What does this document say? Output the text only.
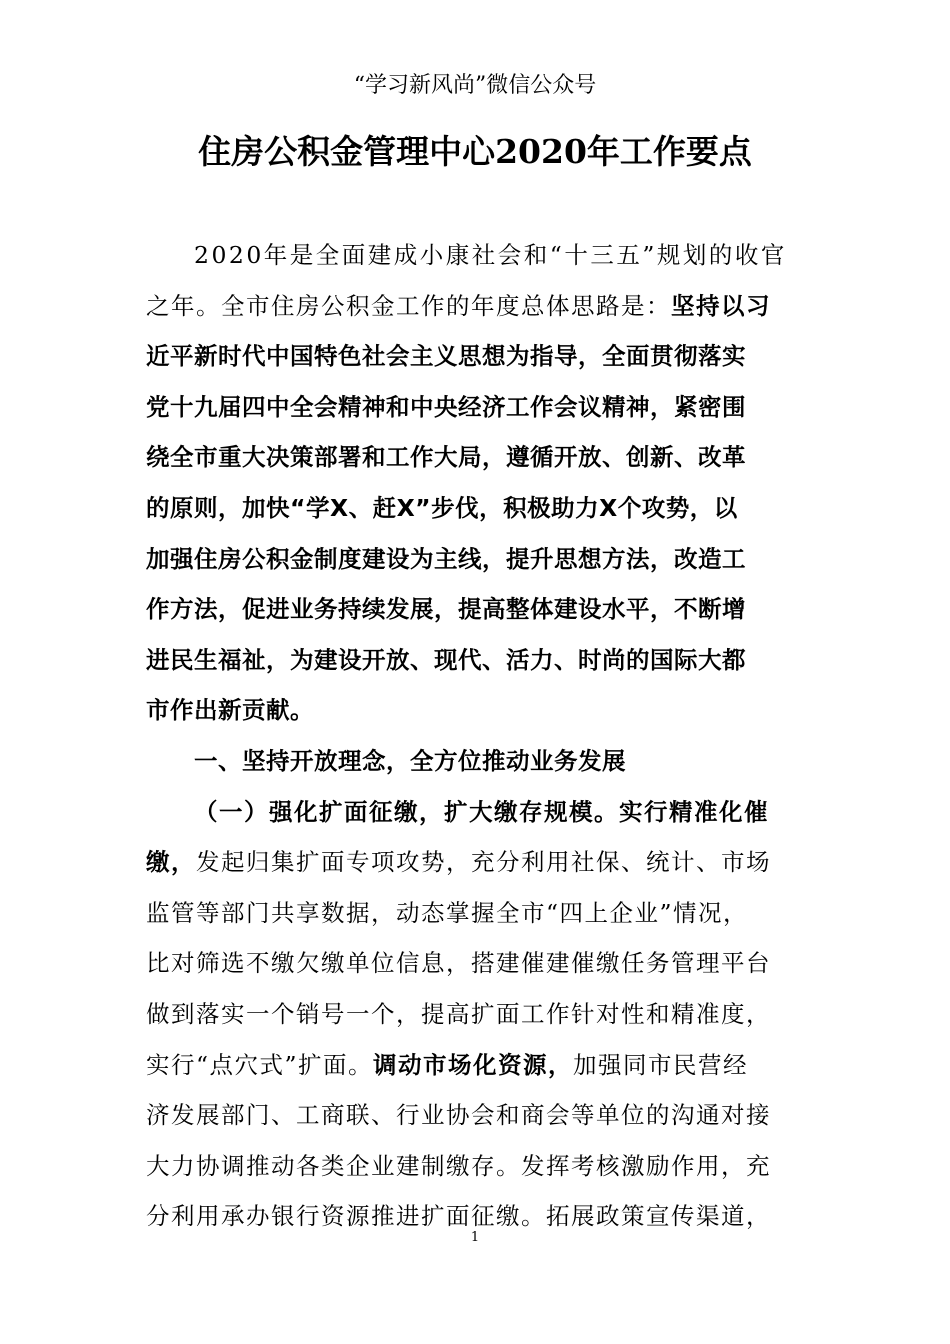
“学习新风尚”微信公众号
住房公积金管理中心2020年工作要点
2020年是全面建成小康社会和“十三五”规划的收官
之年。全市住房公积金工作的年度总体思路是：坚持以习
近平新时代中国特色社会主义思想为指导，全面贯彻落实
党十九届四中全会精神和中央经济工作会议精神，紧密围
绕全市重大决策部署和工作大局，遵循开放、创新、改革
的原则，加快“学X、赶X”步伐，积极助力X个攻势，以
加强住房公积金制度建设为主线，提升思想方法，改造工
作方法，促进业务持续发展，提高整体建设水平，不断增
进民生福祉，为建设开放、现代、活力、时尚的国际大都
市作出新贡献。
一、坚持开放理念，全方位推动业务发展
（一）强化扩面征缴，扩大缴存规模。实行精准化催
缴，发起归集扩面专项攻势，充分利用社保、统计、市场
监管等部门共享数据，动态掌握全市“四上企业”情况，
比对筛选不缴欠缴单位信息，搭建催建催缴任务管理平台
做到落实一个销号一个，提高扩面工作针对性和精准度，
实行“点穴式”扩面。调动市场化资源，加强同市民营经
济发展部门、工商联、行业协会和商会等单位的沟通对接
大力协调推动各类企业建制缴存。发挥考核激励作用，充
分利用承办银行资源推进扩面征缴。拓展政策宣传渠道，
1
